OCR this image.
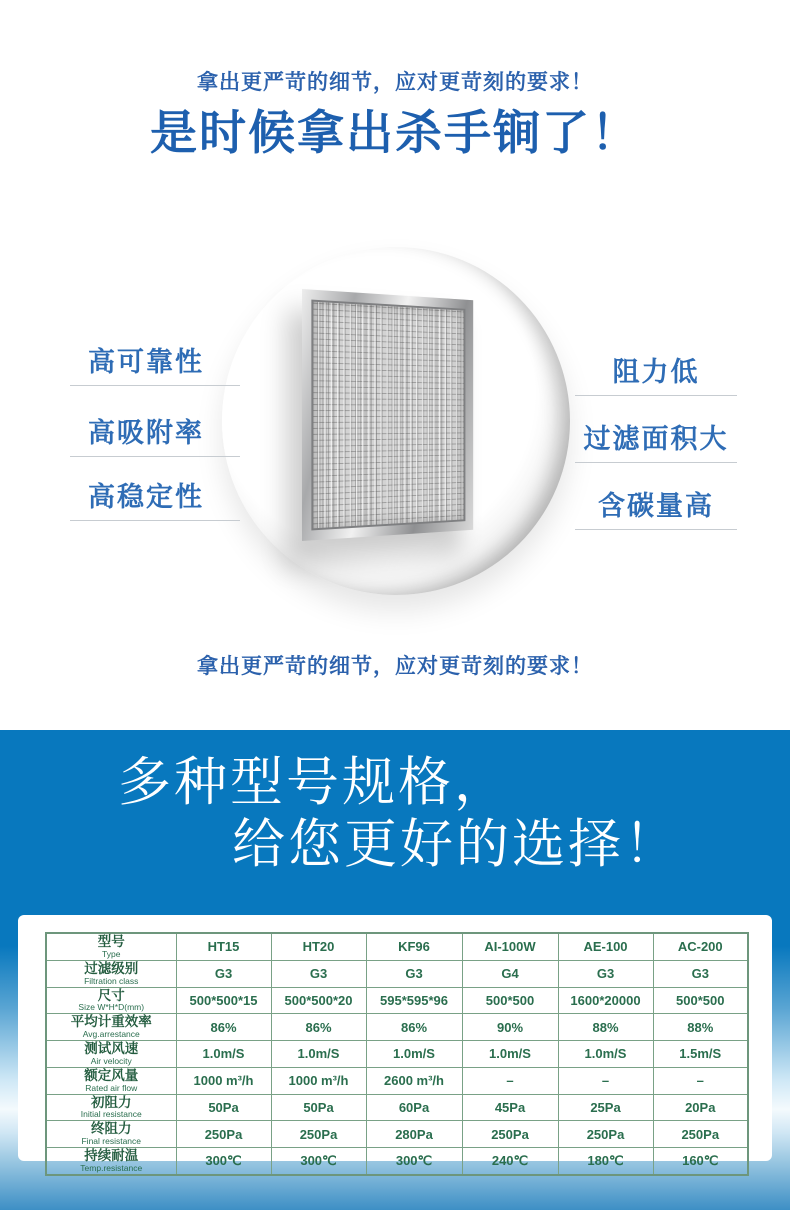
拿出更严苛的细节，应对更苛刻的要求！
是时候拿出杀手锏了！
高可靠性
高吸附率
高稳定性
阻力低
过滤面积大
含碳量高
拿出更严苛的细节，应对更苛刻的要求！
多种型号规格，
给您更好的选择！
型号
Type	HT15	HT20	KF96	AI-100W	AE-100	AC-200

过滤级别
Filtration class	G3	G3	G3	G4	G3	G3

尺寸
Size W*H*D(mm)	500*500*15	500*500*20	595*595*96	500*500	1600*20000	500*500

平均计重效率
Avg.arrestance	86%	86%	86%	90%	88%	88%

测试风速
Air velocity	1.0m/S	1.0m/S	1.0m/S	1.0m/S	1.0m/S	1.5m/S

额定风量
Rated air flow	1000 m³/h	1000 m³/h	2600 m³/h	–	–	–

初阻力
Initial resistance	50Pa	50Pa	60Pa	45Pa	25Pa	20Pa

终阻力
Final resistance	250Pa	250Pa	280Pa	250Pa	250Pa	250Pa

持续耐温
Temp.resistance	300℃	300℃	300℃	240℃	180℃	160℃
